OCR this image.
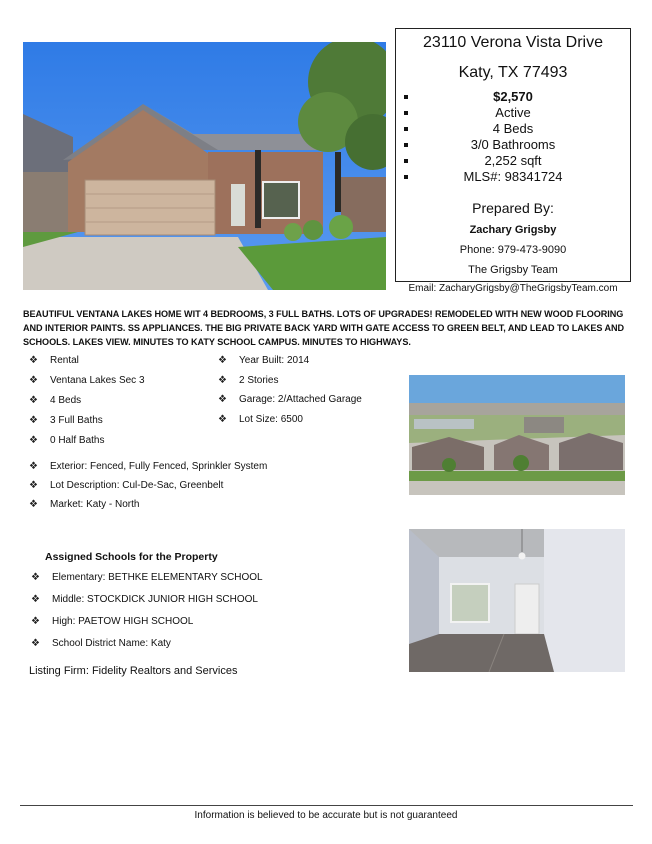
23110 Verona Vista Drive
Katy, TX 77493
$2,570
Active
4 Beds
3/0 Bathrooms
2,252 sqft
MLS#: 98341724
Prepared By:
Zachary Grigsby
Phone: 979-473-9090
The Grigsby Team
Email: ZacharyGrigsby@TheGrigsbyTeam.com
BEAUTIFUL VENTANA LAKES HOME WIT 4 BEDROOMS, 3 FULL BATHS. LOTS OF UPGRADES! REMODELED WITH NEW WOOD FLOORING AND INTERIOR PAINTS. SS APPLIANCES. THE BIG PRIVATE BACK YARD WITH GATE ACCESS TO GREEN BELT, AND LEAD TO LAKES AND SCHOOLS. LAKES VIEW. MINUTES TO KATY SCHOOL CAMPUS. MINUTES TO HIGHWAYS.
❖ Rental
❖ Ventana Lakes Sec 3
❖ 4 Beds
❖ 3 Full Baths
❖ 0 Half Baths
❖ Year Built: 2014
❖ 2 Stories
❖ Garage: 2/Attached Garage
❖ Lot Size: 6500
❖ Exterior: Fenced, Fully Fenced, Sprinkler System
❖ Lot Description: Cul-De-Sac, Greenbelt
❖ Market: Katy - North
Assigned Schools for the Property
❖ Elementary: BETHKE ELEMENTARY SCHOOL
❖ Middle: STOCKDICK JUNIOR HIGH SCHOOL
❖ High: PAETOW HIGH SCHOOL
❖ School District Name: Katy
Listing Firm: Fidelity Realtors and Services
Information is believed to be accurate but is not guaranteed
